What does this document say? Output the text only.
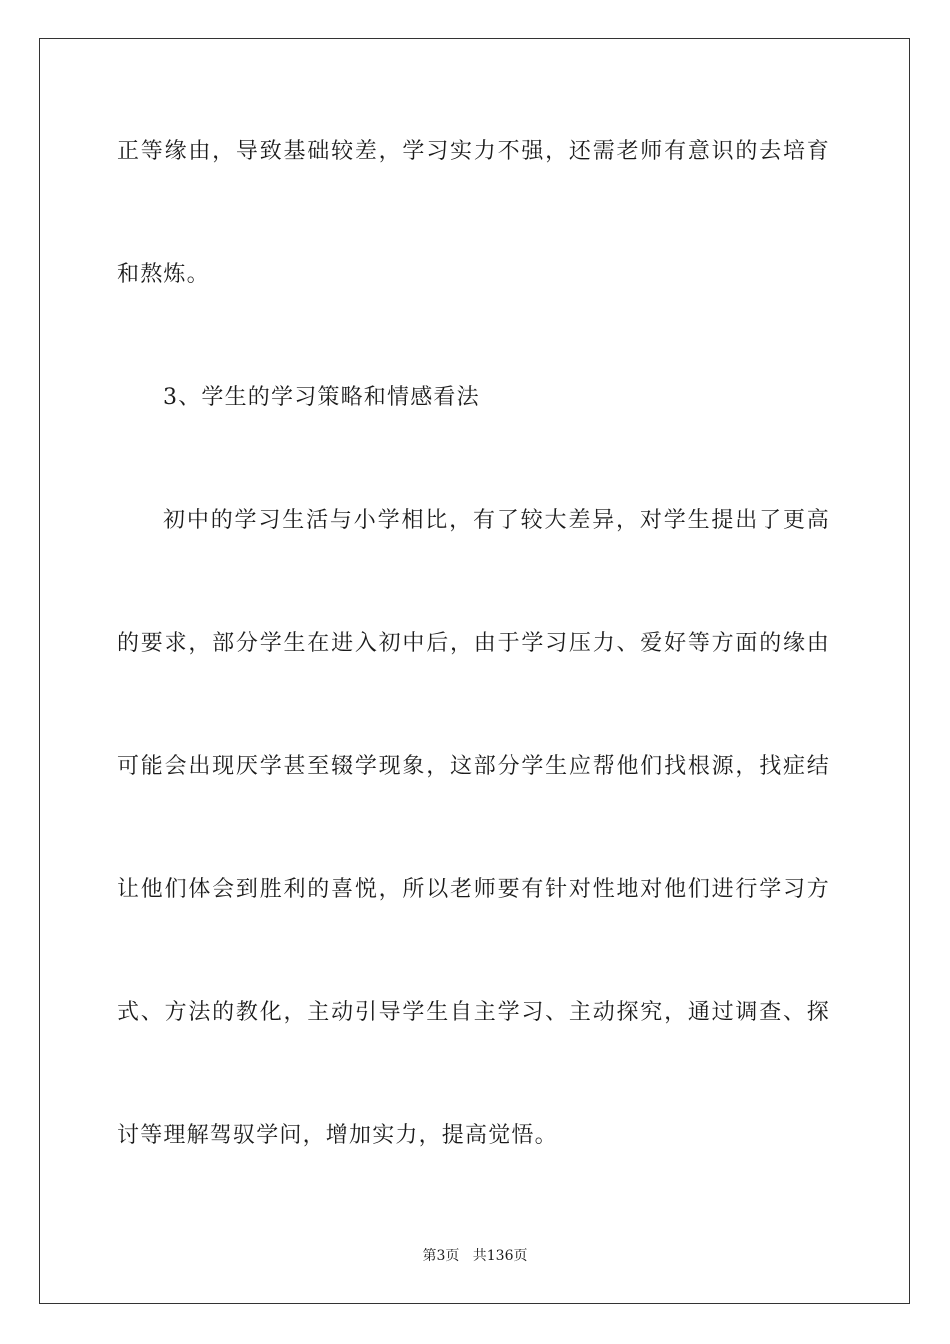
正等缘由，导致基础较差，学习实力不强，还需老师有意识的去培育
和熬炼。
3、学生的学习策略和情感看法
初中的学习生活与小学相比，有了较大差异，对学生提出了更高
的要求，部分学生在进入初中后，由于学习压力、爱好等方面的缘由
可能会出现厌学甚至辍学现象，这部分学生应帮他们找根源，找症结
让他们体会到胜利的喜悦，所以老师要有针对性地对他们进行学习方
式、方法的教化，主动引导学生自主学习、主动探究，通过调查、探
讨等理解驾驭学问，增加实力，提高觉悟。
第3页 共136页
